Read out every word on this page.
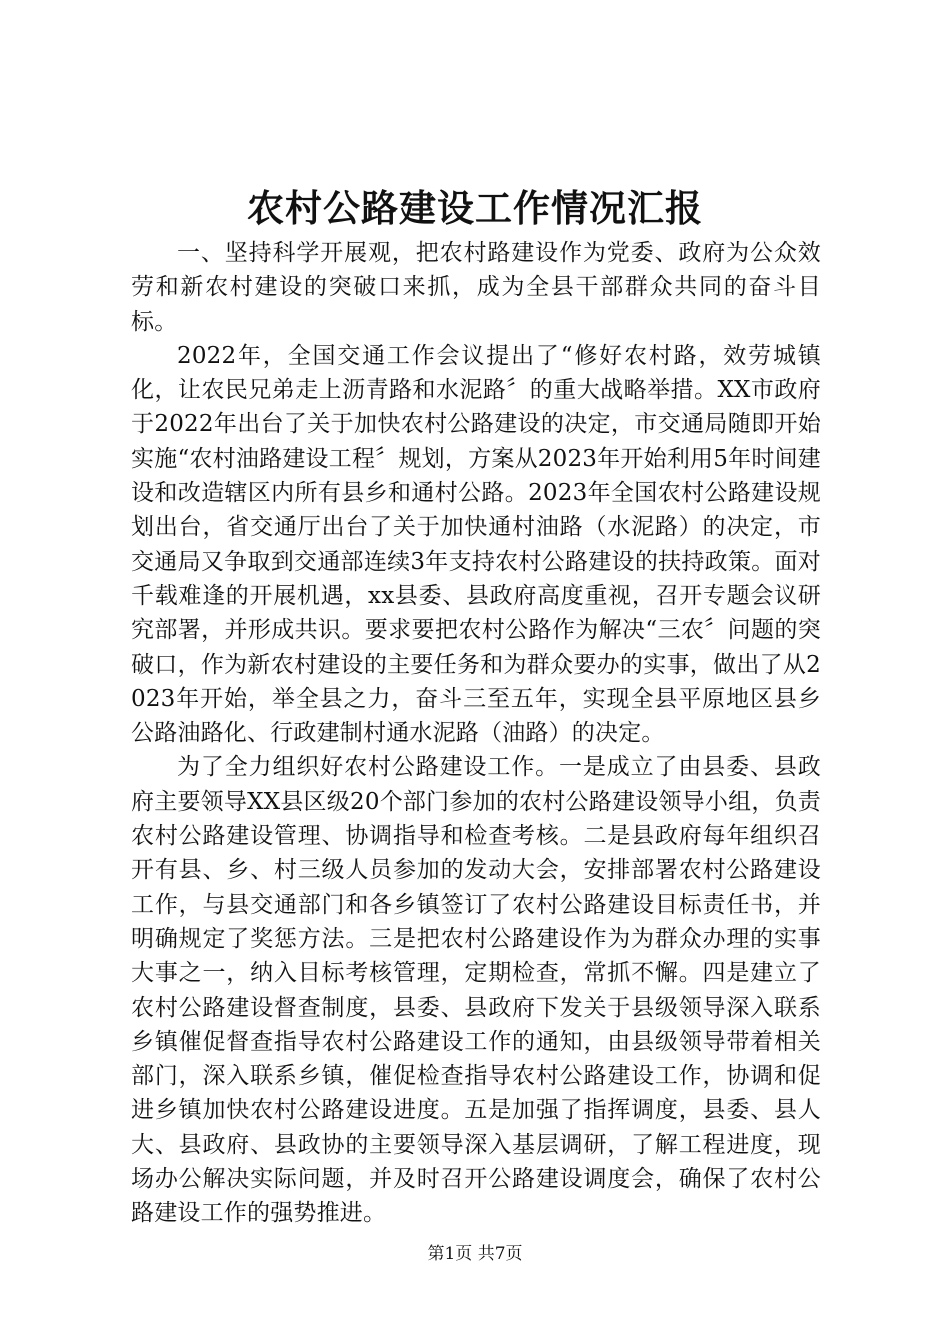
农村公路建设工作情况汇报

一、坚持科学开展观，把农村路建设作为党委、政府为公众效劳和新农村建设的突破口来抓，成为全县干部群众共同的奋斗目标。

2022年，全国交通工作会议提出了“修好农村路，效劳城镇化，让农民兄弟走上沥青路和水泥路〞的重大战略举措。XX市政府于2022年出台了关于加快农村公路建设的决定，市交通局随即开始实施“农村油路建设工程〞规划，方案从2023年开始利用5年时间建设和改造辖区内所有县乡和通村公路。2023年全国农村公路建设规划出台，省交通厅出台了关于加快通村油路（水泥路）的决定，市交通局又争取到交通部连续3年支持农村公路建设的扶持政策。面对千载难逢的开展机遇，xx县委、县政府高度重视，召开专题会议研究部署，并形成共识。要求要把农村公路作为解决“三农〞问题的突破口，作为新农村建设的主要任务和为群众要办的实事，做出了从2023年开始，举全县之力，奋斗三至五年，实现全县平原地区县乡公路油路化、行政建制村通水泥路（油路）的决定。

为了全力组织好农村公路建设工作。一是成立了由县委、县政府主要领导XX县区级20个部门参加的农村公路建设领导小组，负责农村公路建设管理、协调指导和检查考核。二是县政府每年组织召开有县、乡、村三级人员参加的发动大会，安排部署农村公路建设工作，与县交通部门和各乡镇签订了农村公路建设目标责任书，并明确规定了奖惩方法。三是把农村公路建设作为为群众办理的实事大事之一，纳入目标考核管理，定期检查，常抓不懈。四是建立了农村公路建设督查制度，县委、县政府下发关于县级领导深入联系乡镇催促督查指导农村公路建设工作的通知，由县级领导带着相关部门，深入联系乡镇，催促检查指导农村公路建设工作，协调和促进乡镇加快农村公路建设进度。五是加强了指挥调度，县委、县人大、县政府、县政协的主要领导深入基层调研，了解工程进度，现场办公解决实际问题，并及时召开公路建设调度会，确保了农村公路建设工作的强势推进。

第1页 共7页
